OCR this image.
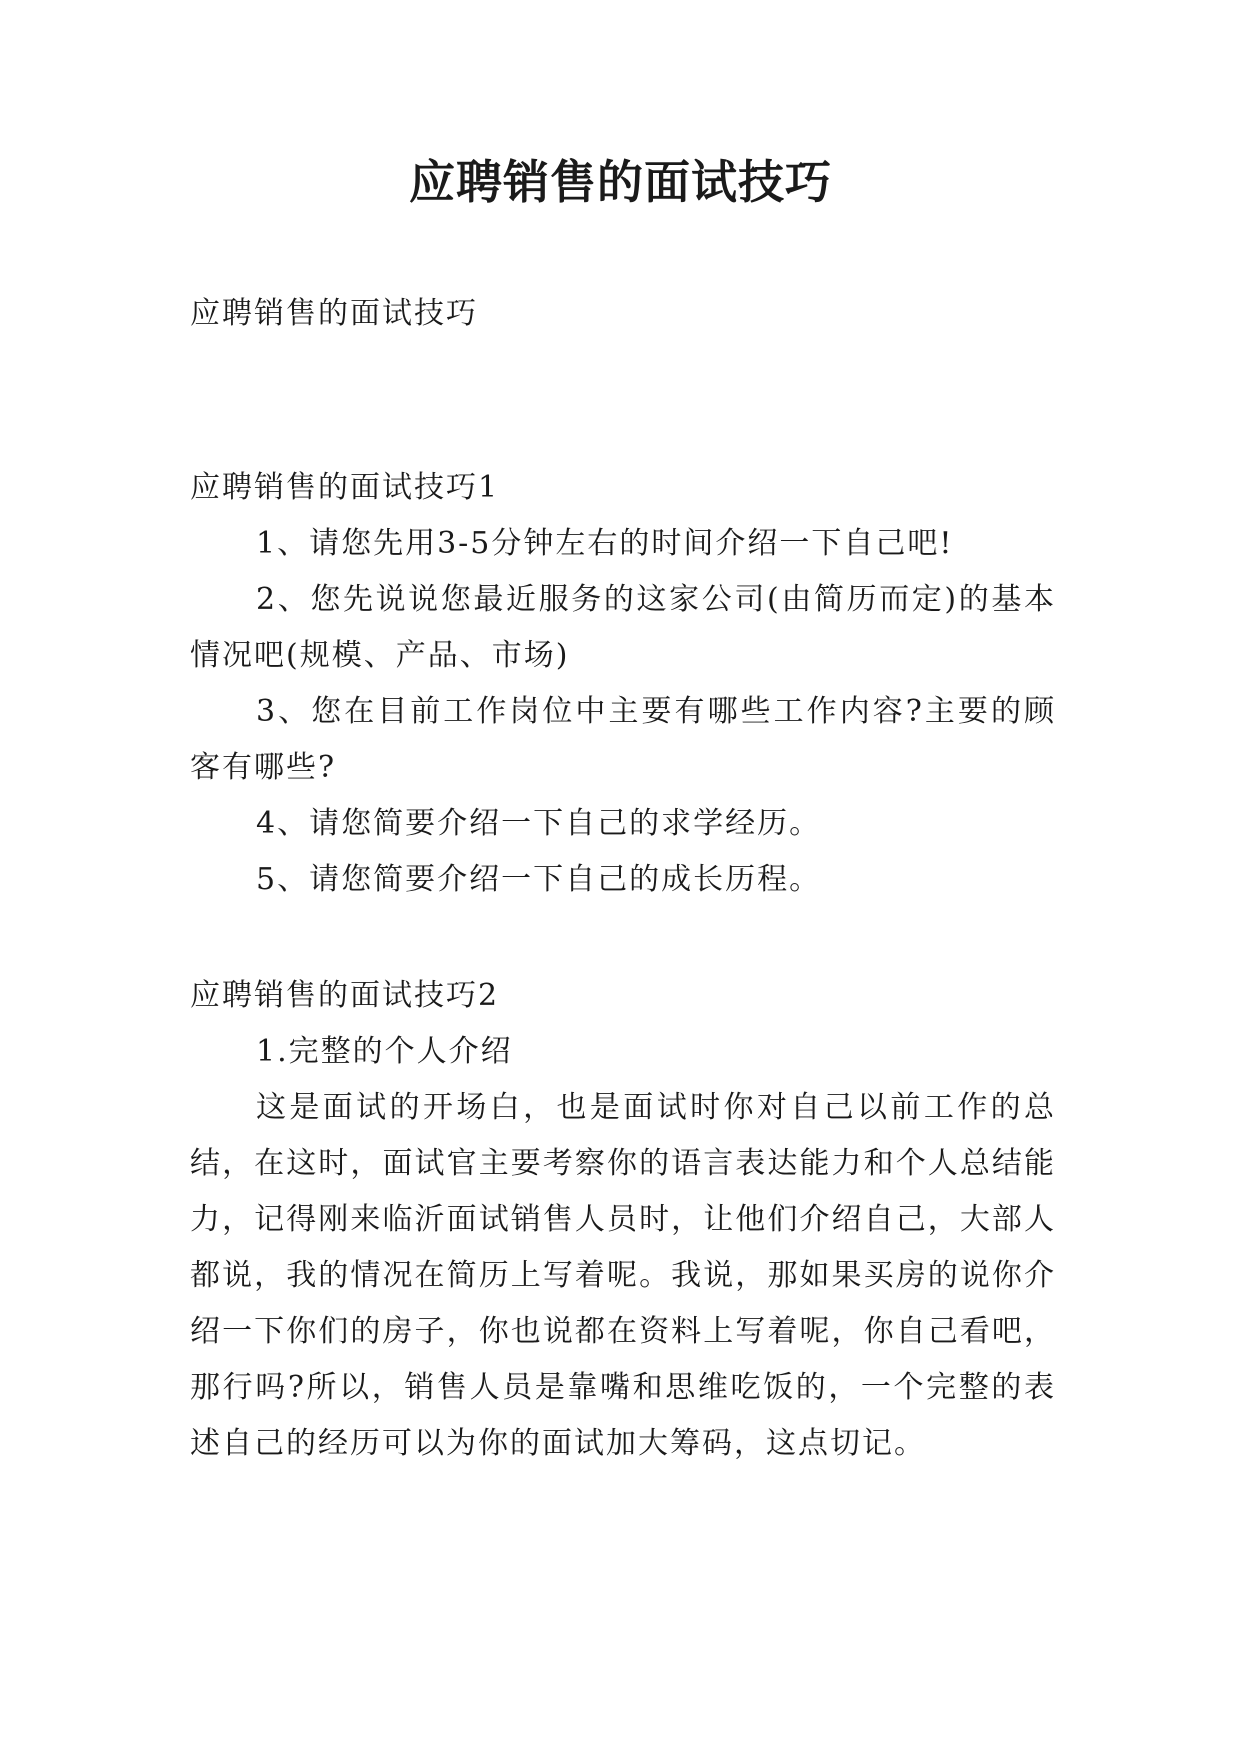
应聘销售的面试技巧

应聘销售的面试技巧

应聘销售的面试技巧1

1、请您先用3-5分钟左右的时间介绍一下自己吧!

2、您先说说您最近服务的这家公司(由简历而定)的基本情况吧(规模、产品、市场)

3、您在目前工作岗位中主要有哪些工作内容?主要的顾客有哪些?

4、请您简要介绍一下自己的求学经历。

5、请您简要介绍一下自己的成长历程。

应聘销售的面试技巧2

1.完整的个人介绍

这是面试的开场白，也是面试时你对自己以前工作的总结，在这时，面试官主要考察你的语言表达能力和个人总结能力，记得刚来临沂面试销售人员时，让他们介绍自己，大部人都说，我的情况在简历上写着呢。我说，那如果买房的说你介绍一下你们的房子，你也说都在资料上写着呢，你自己看吧，那行吗?所以，销售人员是靠嘴和思维吃饭的，一个完整的表述自己的经历可以为你的面试加大筹码，这点切记。
